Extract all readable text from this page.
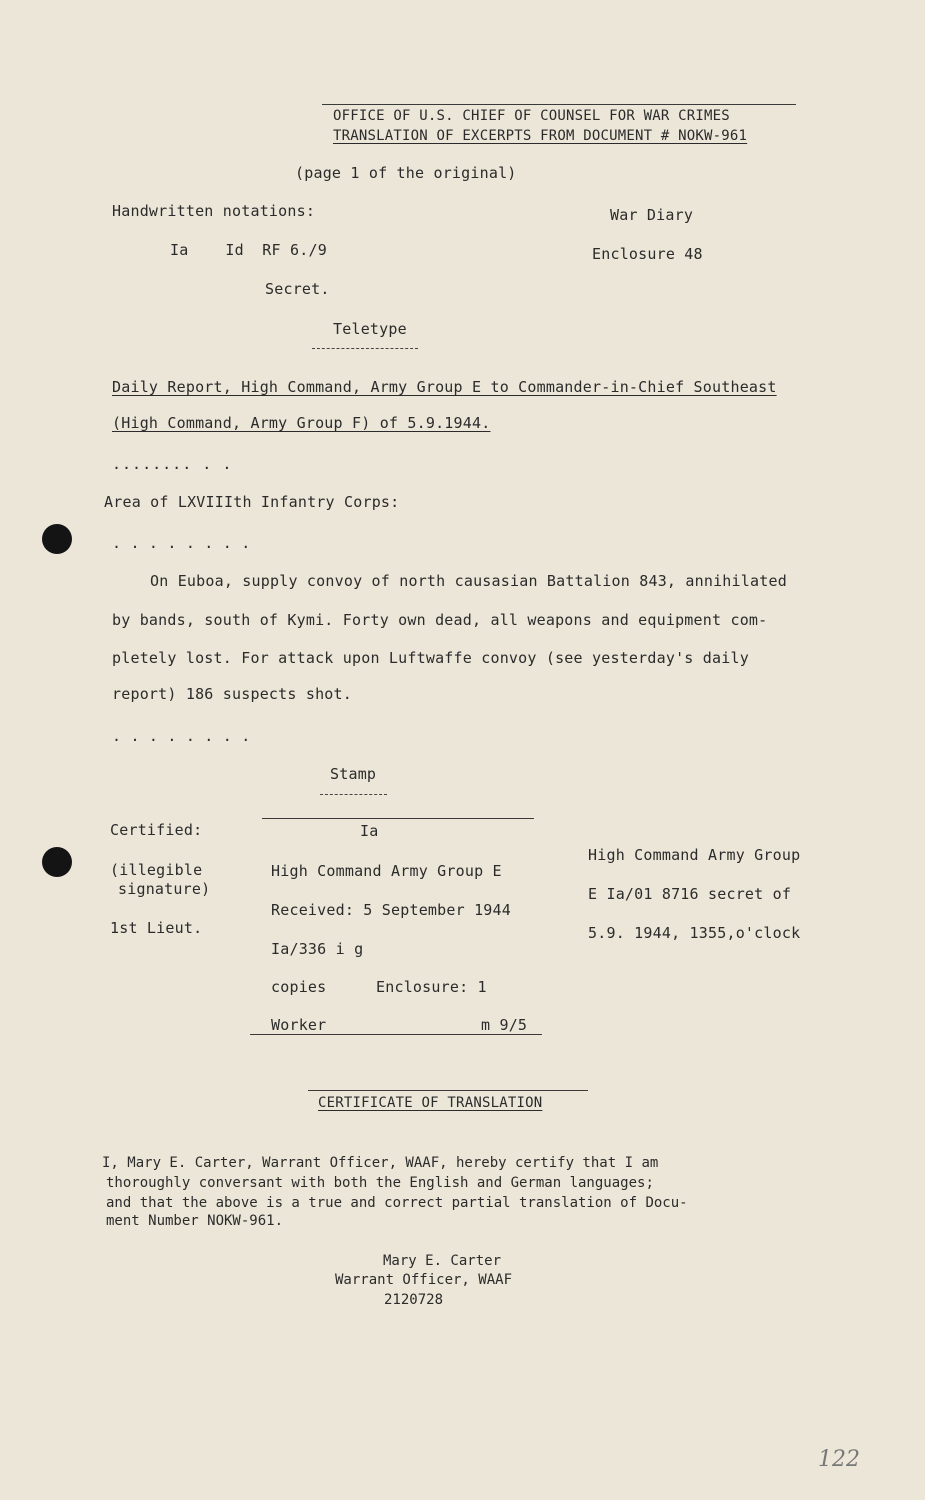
OFFICE OF U.S. CHIEF OF COUNSEL FOR WAR CRIMES
TRANSLATION OF EXCERPTS FROM DOCUMENT # NOKW-961
(page 1 of the original)
Handwritten notations:	War Diary
Ia    Id  RF 6./9	Enclosure 48
Secret.
Teletype
Daily Report, High Command, Army Group E to Commander-in-Chief Southeast
(High Command, Army Group F) of 5.9.1944.
........ . .
Area of LXVIIIth Infantry Corps:
. . . . . . . .
On Euboa, supply convoy of north causasian Battalion 843, annihilated
by bands, south of Kymi. Forty own dead, all weapons and equipment com-
pletely lost. For attack upon Luftwaffe convoy (see yesterday's daily
report) 186 suspects shot.
. . . . . . . .
Stamp
Certified:
(illegible
signature)
1st Lieut.
Ia
High Command Army Group E
Received: 5 September 1944
Ia/336 i g
copies	Enclosure: 1
Worker	m 9/5
High Command Army Group
E Ia/01 8716 secret of
5.9. 1944, 1355,o'clock
CERTIFICATE OF TRANSLATION
I, Mary E. Carter, Warrant Officer, WAAF, hereby certify that I am
thoroughly conversant with both the English and German languages;
and that the above is a true and correct partial translation of Docu-
ment Number NOKW-961.
Mary E. Carter
Warrant Officer, WAAF
2120728
122
